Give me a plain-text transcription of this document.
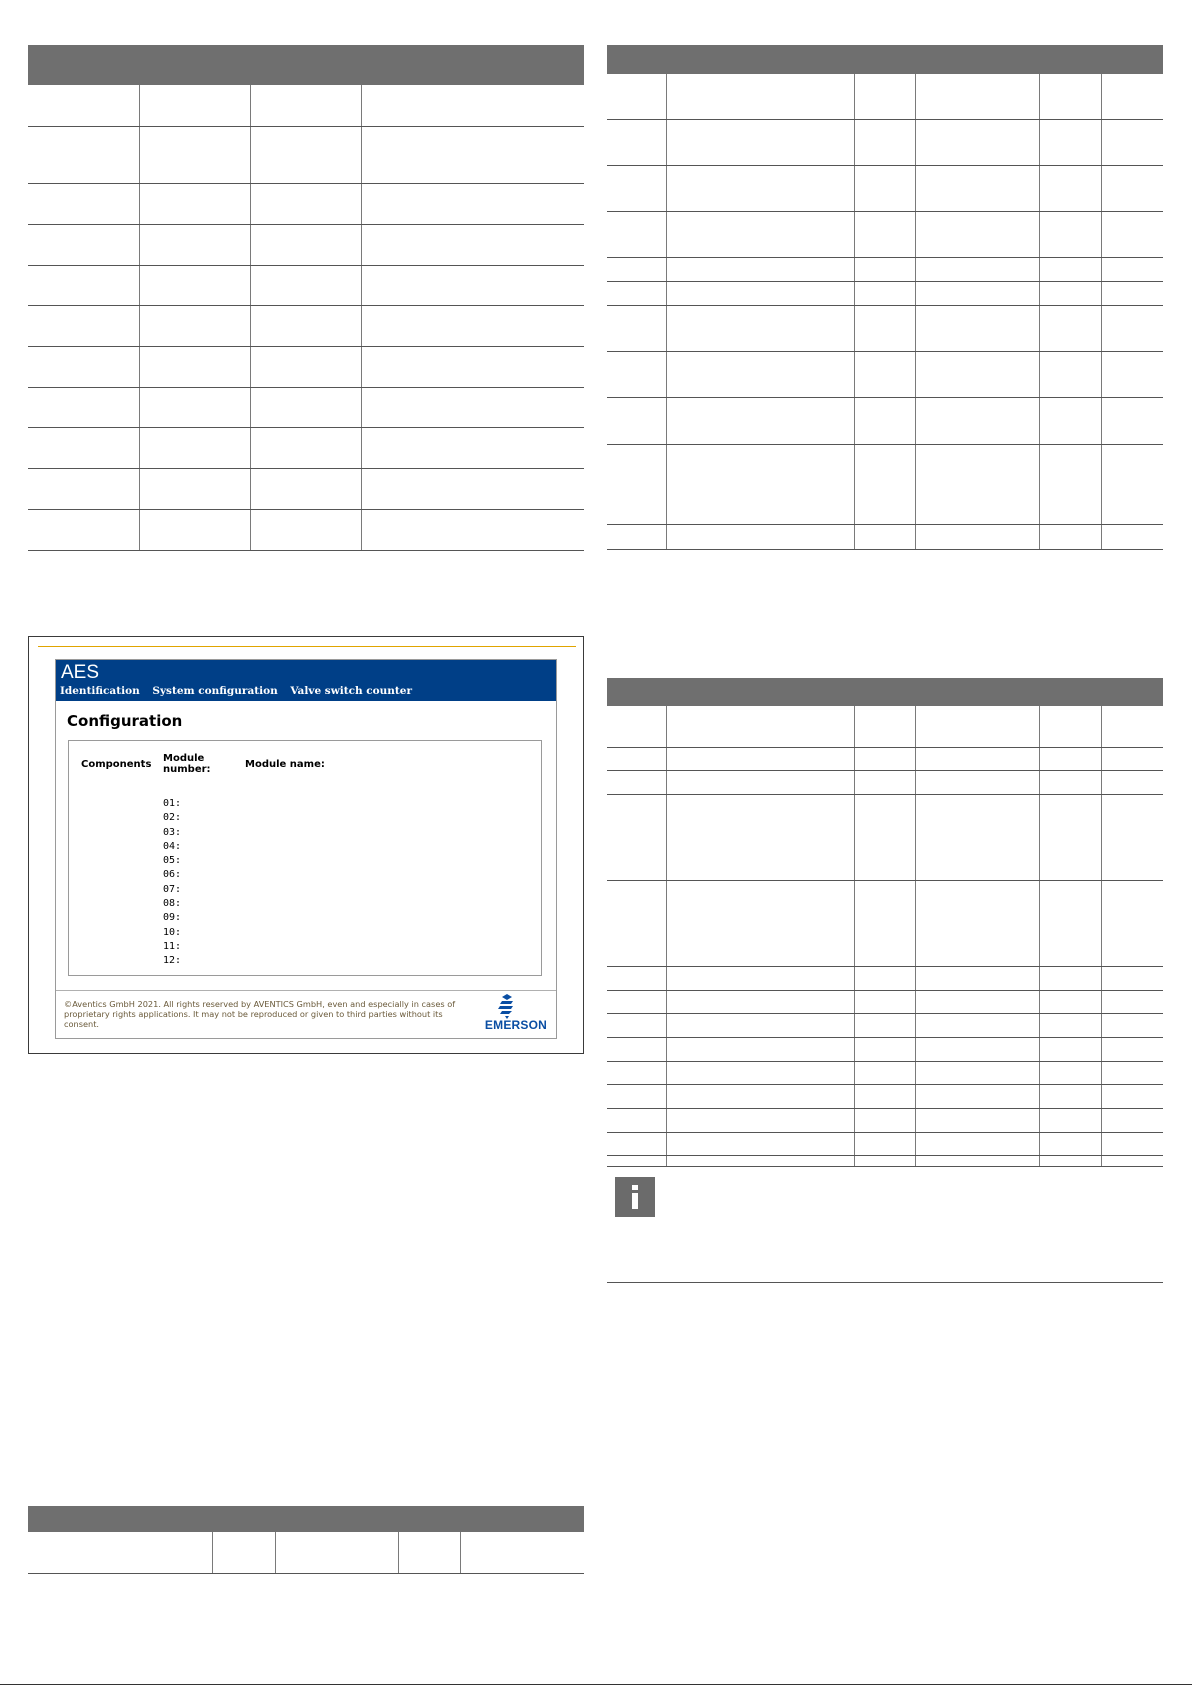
AES
Identification System configuration Valve switch counter
Configuration
Components
Module
number:	Module name:
01:
02:
03:
04:
05:
06:
07:
08:
09:
10:
11:
12:
©Aventics GmbH 2021. All rights reserved by AVENTICS GmbH, even and especially in cases of
proprietary rights applications. It may not be reproduced or given to third parties without its
consent.	EMERSON
